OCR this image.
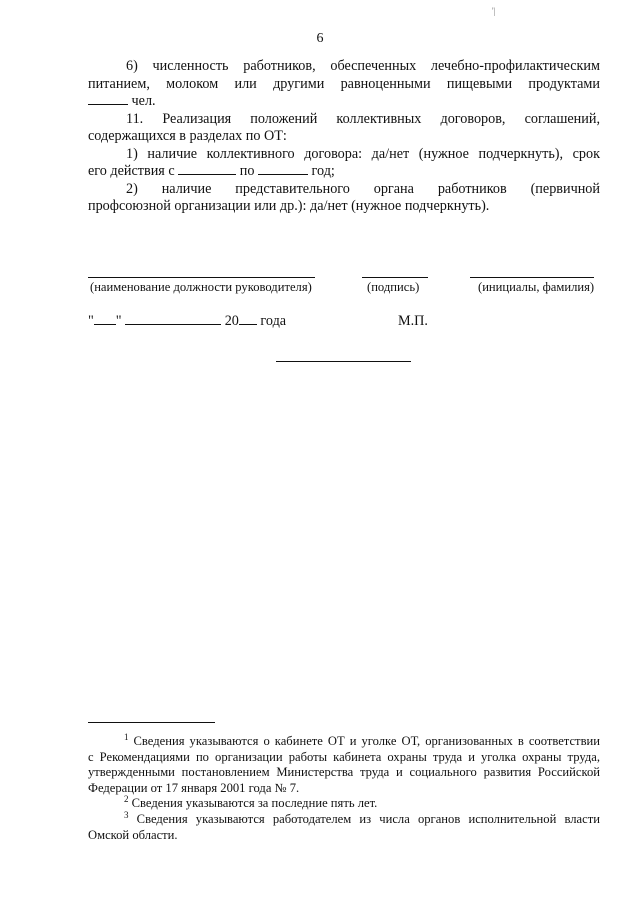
'|
6

6) численность работников, обеспеченных лечебно-профилактическим

питанием, молоком или другими равноценными пищевыми продуктами

чел.

11. Реализация положений коллективных договоров, соглашений,

содержащихся в разделах по ОТ:

1) наличие коллективного договора: да/нет (нужное подчеркнуть), срок

его действия с	по	год;

2) наличие представительного органа работников (первичной

профсоюзной организации или др.): да/нет (нужное подчеркнуть).

(наименование должности руководителя)	(подпись)	(инициалы, фамилия)
" "	20 года	М.П.

$^1$ Сведения указываются о кабинете ОТ и уголке ОТ, организованных в соответствии

с Рекомендациями по организации работы кабинета охраны труда и уголка охраны труда,

утвержденными постановлением Министерства труда и социального развития Российской

Федерации от 17 января 2001 года № 7.

$^2$ Сведения указываются за последние пять лет.

$^3$ Сведения указываются работодателем из числа органов исполнительной власти

Омской области.
